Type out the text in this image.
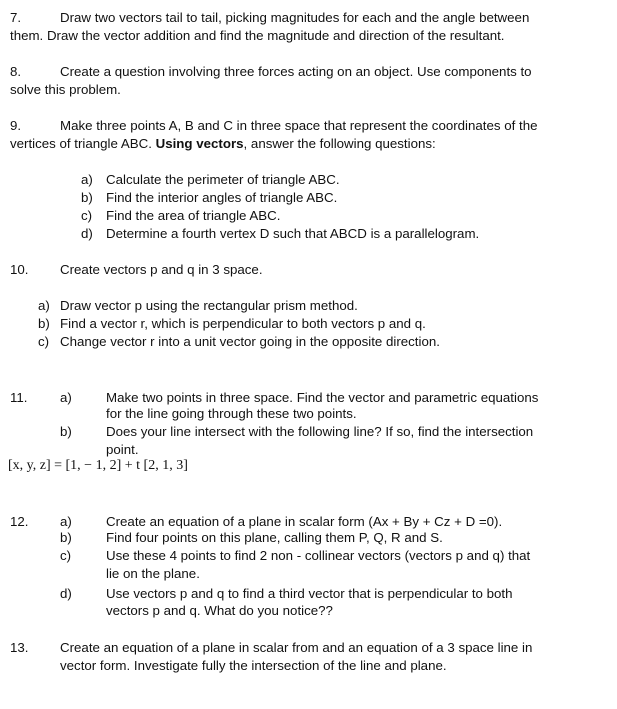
7.	Draw two vectors tail to tail, picking magnitudes for each and the angle between
them. Draw the vector addition and find the magnitude and direction of the resultant.
8.	Create a question involving three forces acting on an object. Use components to
solve this problem.
9.	Make three points A, B and C in three space that represent the coordinates of the
vertices of triangle ABC. Using vectors, answer the following questions:
a) Calculate the perimeter of triangle ABC.
b) Find the interior angles of triangle ABC.
c) Find the area of triangle ABC.
d) Determine a fourth vertex D such that ABCD is a parallelogram.
10. Create vectors p and q in 3 space.
a) Draw vector p using the rectangular prism method.
b) Find a vector r, which is perpendicular to both vectors p and q.
c) Change vector r into a unit vector going in the opposite direction.
11. a)	Make two points in three space. Find the vector and parametric equations
for the line going through these two points.
b)	Does your line intersect with the following line? If so, find the intersection
point.
[x, y, z] = [1, − 1, 2] + t [2, 1, 3]
12. a)	Create an equation of a plane in scalar form (Ax + By + Cz + D =0).
b)	Find four points on this plane, calling them P, Q, R and S.
c)	Use these 4 points to find 2 non - collinear vectors (vectors p and q) that
lie on the plane.
d)	Use vectors p and q to find a third vector that is perpendicular to both
vectors p and q. What do you notice??
13. Create an equation of a plane in scalar from and an equation of a 3 space line in
vector form. Investigate fully the intersection of the line and plane.
